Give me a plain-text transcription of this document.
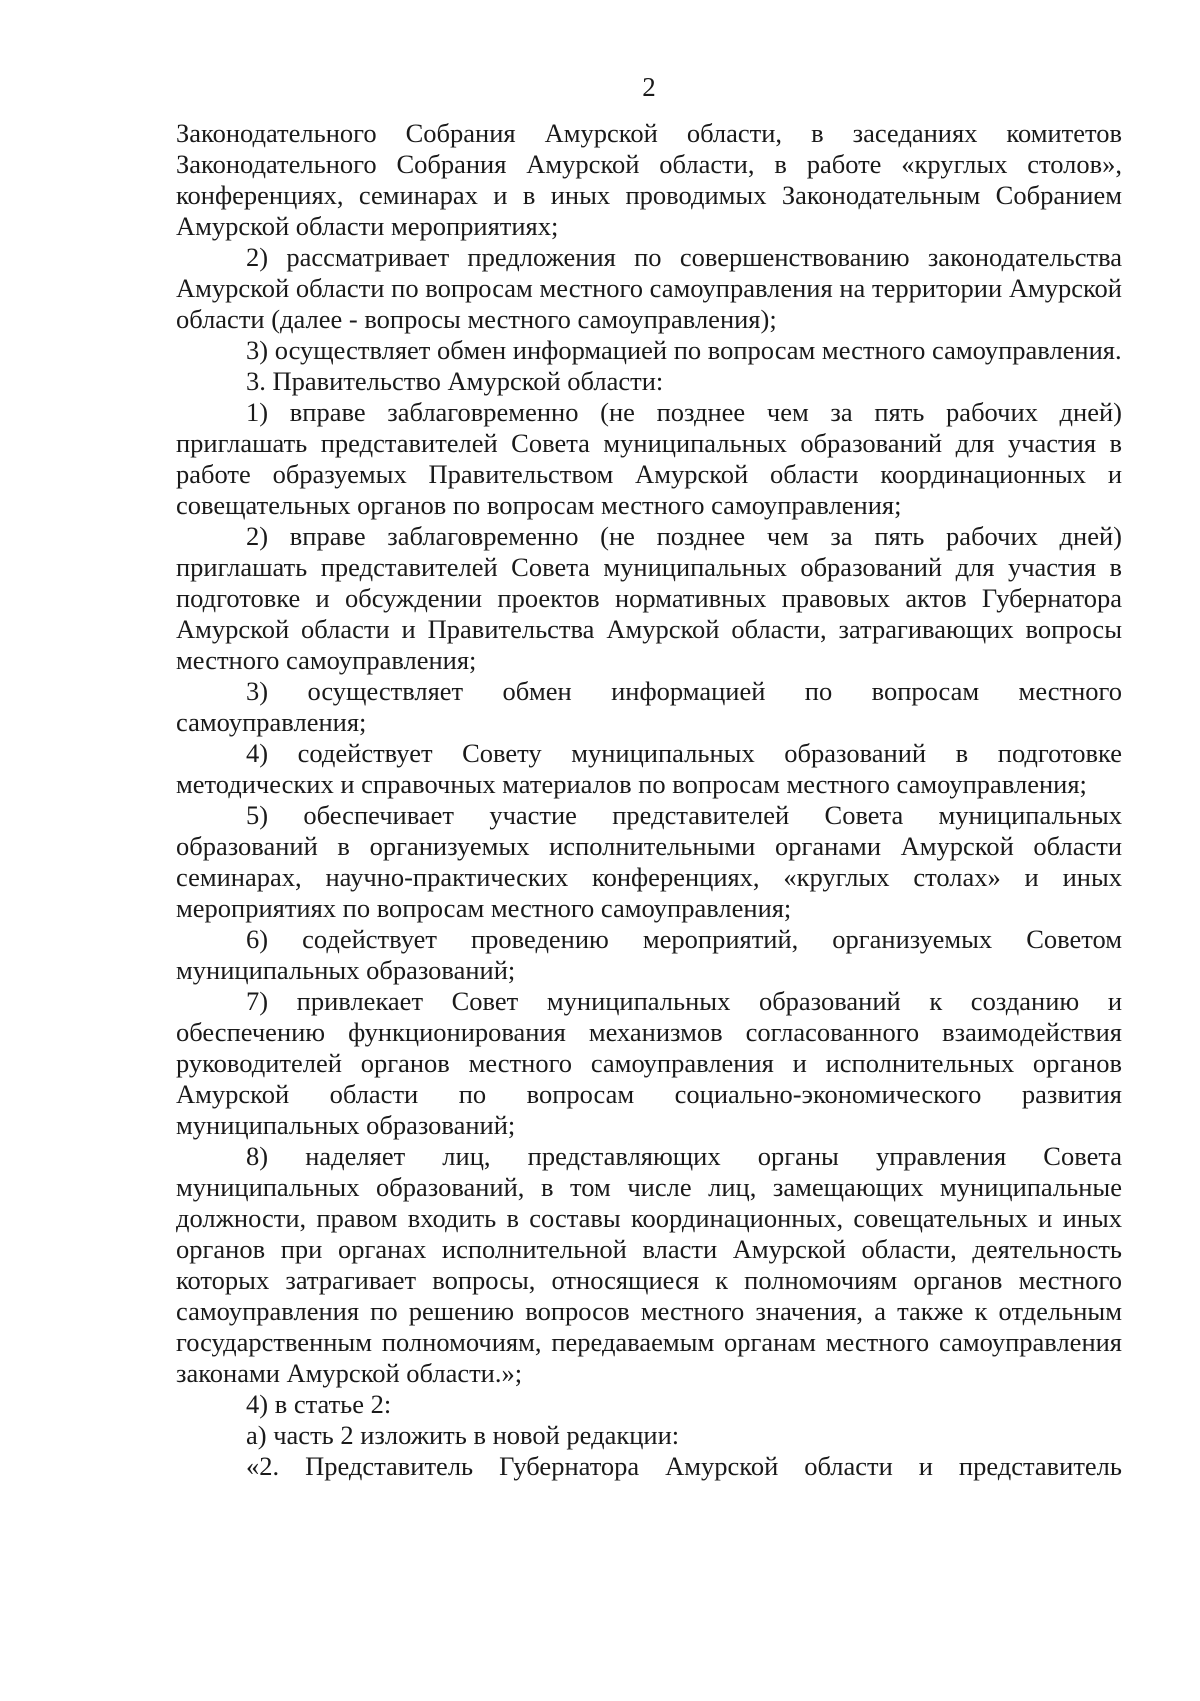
2

Законодательного Собрания Амурской области, в заседаниях комитетов Законодательного Собрания Амурской области, в работе «круглых столов», конференциях, семинарах и в иных проводимых Законодательным Собранием Амурской области мероприятиях;

2) рассматривает предложения по совершенствованию законодательства Амурской области по вопросам местного самоуправления на территории Амурской области (далее - вопросы местного самоуправления);

3) осуществляет обмен информацией по вопросам местного самоуправления.

3. Правительство Амурской области:

1) вправе заблаговременно (не позднее чем за пять рабочих дней) приглашать представителей Совета муниципальных образований для участия в работе образуемых Правительством Амурской области координационных и совещательных органов по вопросам местного самоуправления;

2) вправе заблаговременно (не позднее чем за пять рабочих дней) приглашать представителей Совета муниципальных образований для участия в подготовке и обсуждении проектов нормативных правовых актов Губернатора Амурской области и Правительства Амурской области, затрагивающих вопросы местного самоуправления;

3) осуществляет обмен информацией по вопросам местного самоуправления;

4) содействует Совету муниципальных образований в подготовке методических и справочных материалов по вопросам местного самоуправления;

5) обеспечивает участие представителей Совета муниципальных образований в организуемых исполнительными органами Амурской области семинарах, научно-практических конференциях, «круглых столах» и иных мероприятиях по вопросам местного самоуправления;

6) содействует проведению мероприятий, организуемых Советом муниципальных образований;

7) привлекает Совет муниципальных образований к созданию и обеспечению функционирования механизмов согласованного взаимодействия руководителей органов местного самоуправления и исполнительных органов Амурской области по вопросам социально-экономического развития муниципальных образований;

8) наделяет лиц, представляющих органы управления Совета муниципальных образований, в том числе лиц, замещающих муниципальные должности, правом входить в составы координационных, совещательных и иных органов при органах исполнительной власти Амурской области, деятельность которых затрагивает вопросы, относящиеся к полномочиям органов местного самоуправления по решению вопросов местного значения, а также к отдельным государственным полномочиям, передаваемым органам местного самоуправления законами Амурской области.»;

4) в статье 2:

а) часть 2 изложить в новой редакции:

«2. Представитель Губернатора Амурской области и представитель
